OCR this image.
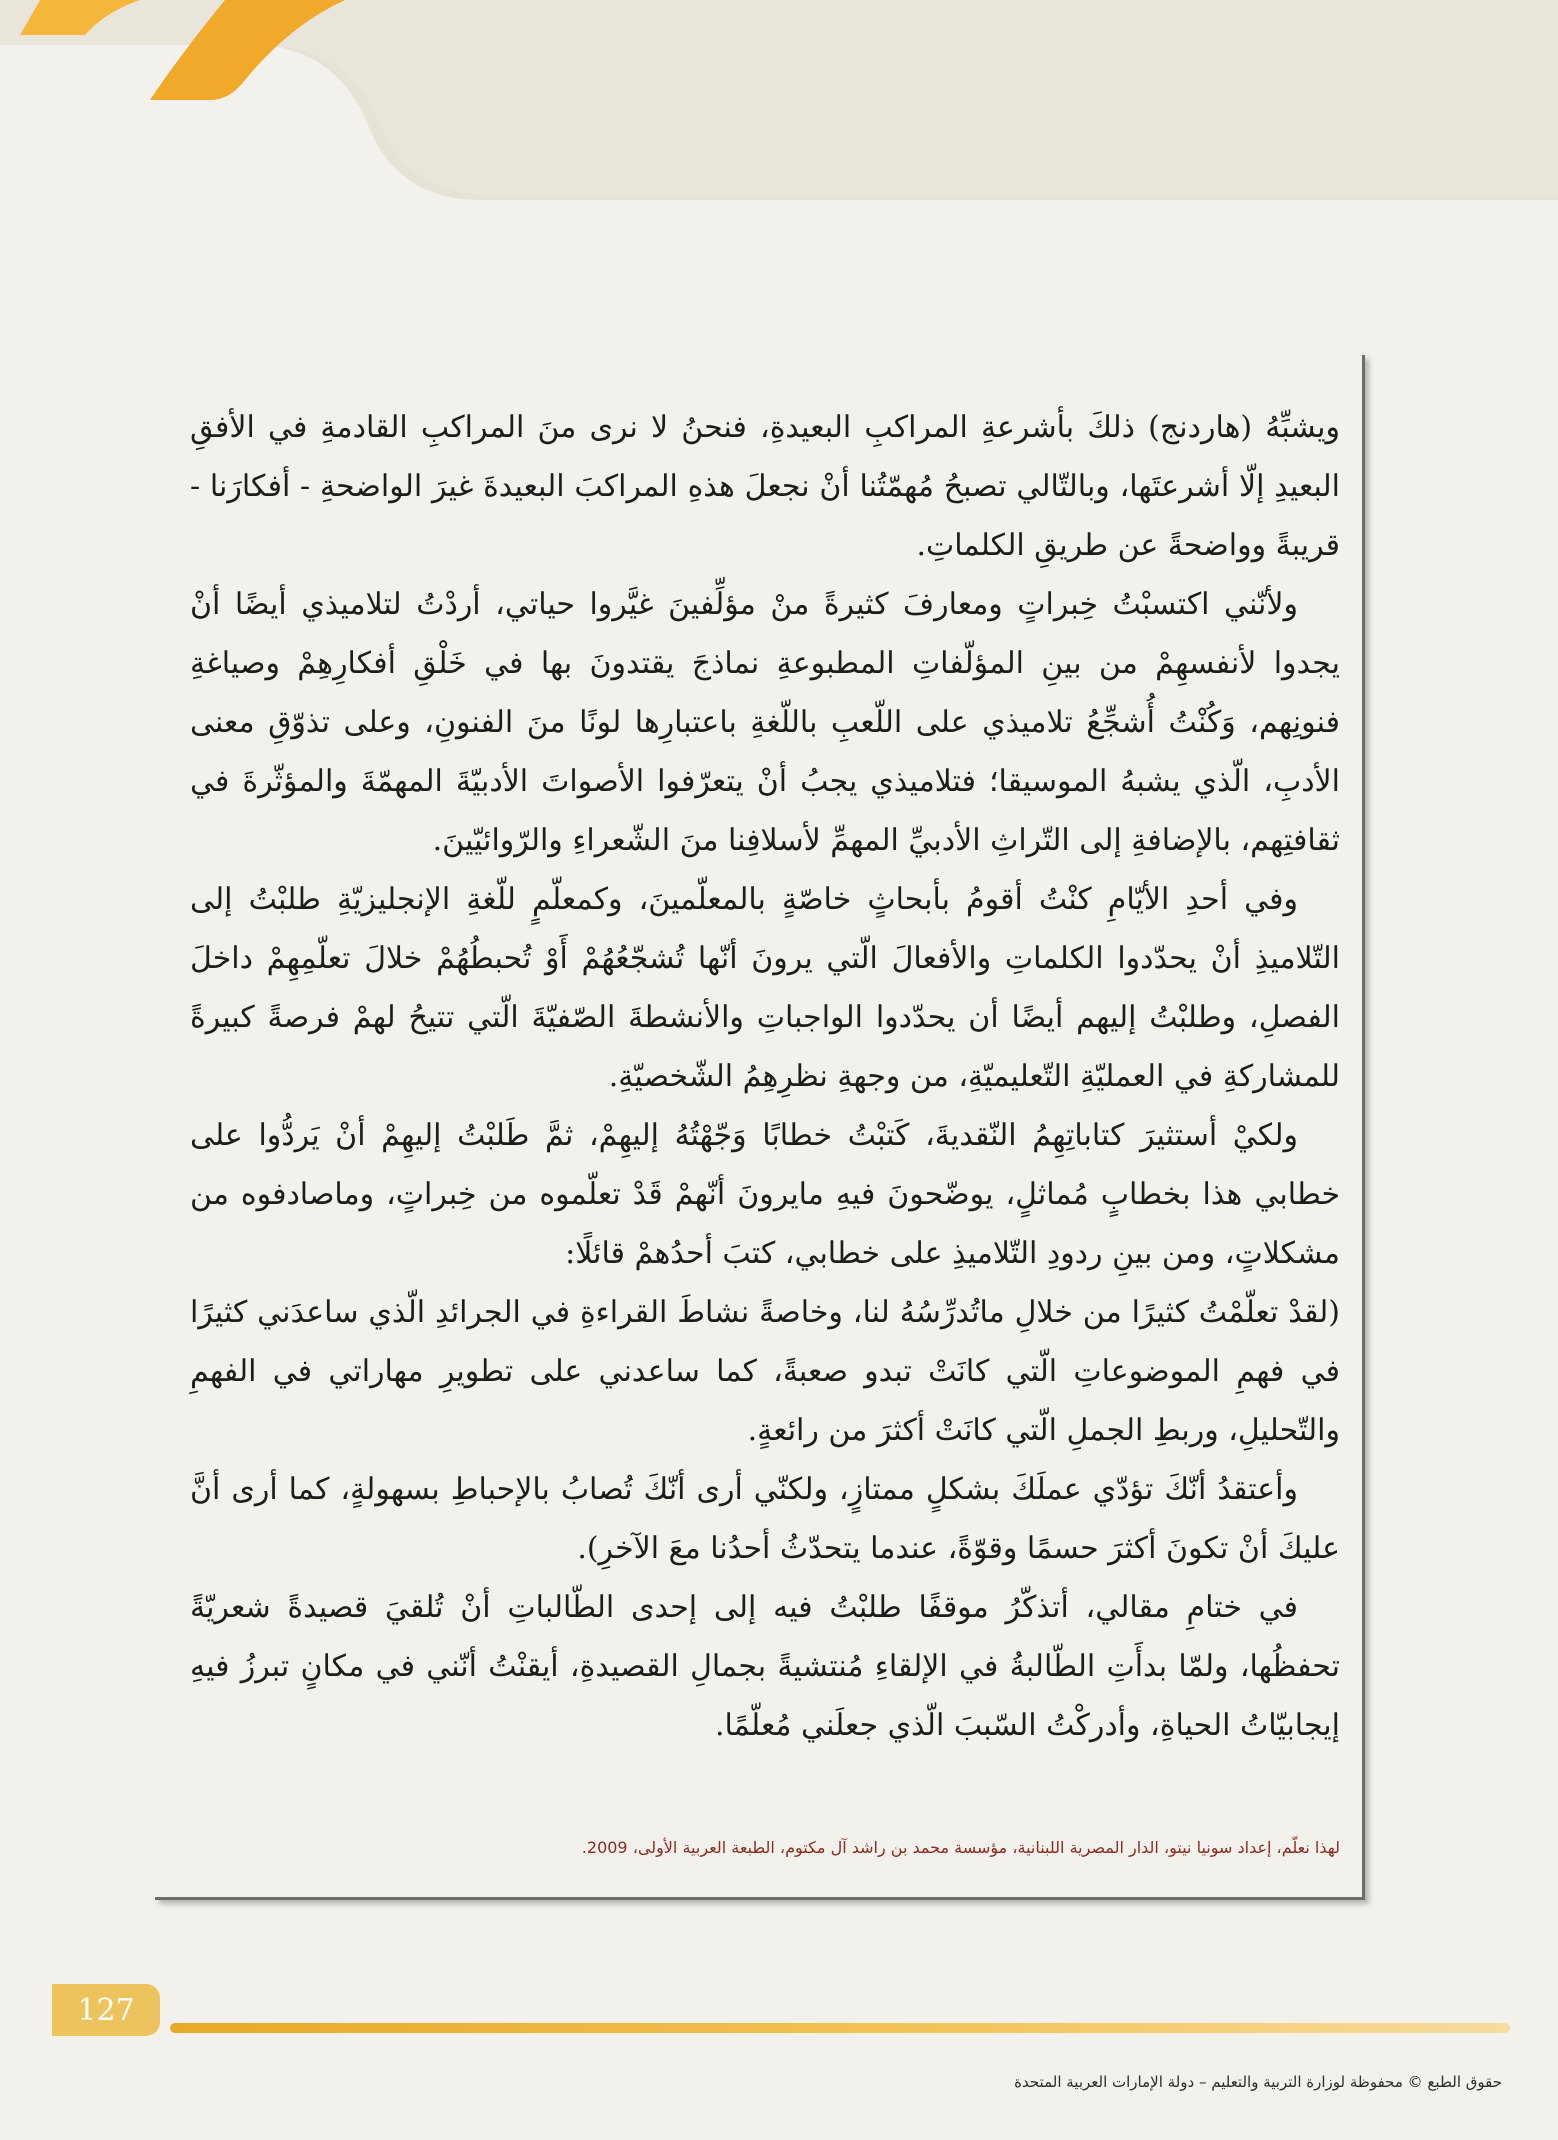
ويشبِّهُ (هاردنج) ذلكَ بأشرعةِ المراكبِ البعيدةِ، فنحنُ لا نرى منَ المراكبِ القادمةِ في الأفقِ البعيدِ إلّا أشرعتَها، وبالتّالي تصبحُ مُهمّتُنا أنْ نجعلَ هذهِ المراكبَ البعيدةَ غيرَ الواضحةِ - أفكارَنا - قريبةً وواضحةً عن طريقِ الكلماتِ.

ولأنّني اكتسبْتُ خِبراتٍ ومعارفَ كثيرةً منْ مؤلِّفينَ غيَّروا حياتي، أردْتُ لتلاميذي أيضًا أنْ يجدوا لأنفسهِمْ من بينِ المؤلّفاتِ المطبوعةِ نماذجَ يقتدونَ بها في خَلْقِ أفكارِهِمْ وصياغةِ فنونِهم، وَكُنْتُ أُشجِّعُ تلاميذي على اللّعبِ باللّغةِ باعتبارِها لونًا منَ الفنونِ، وعلى تذوّقِ معنى الأدبِ، الّذي يشبهُ الموسيقا؛ فتلاميذي يجبُ أنْ يتعرّفوا الأصواتَ الأدبيّةَ المهمّةَ والمؤثّرةَ في ثقافتِهم، بالإضافةِ إلى التّراثِ الأدبيِّ المهمِّ لأسلافِنا منَ الشّعراءِ والرّوائيّينَ.

وفي أحدِ الأيّامِ كنْتُ أقومُ بأبحاثٍ خاصّةٍ بالمعلّمينَ، وكمعلّمٍ للّغةِ الإنجليزيّةِ طلبْتُ إلى التّلاميذِ أنْ يحدّدوا الكلماتِ والأفعالَ الّتي يرونَ أنّها تُشجّعُهُمْ أَوْ تُحبطُهُمْ خلالَ تعلّمِهِمْ داخلَ الفصلِ، وطلبْتُ إليهم أيضًا أن يحدّدوا الواجباتِ والأنشطةَ الصّفيّةَ الّتي تتيحُ لهمْ فرصةً كبيرةً للمشاركةِ في العمليّةِ التّعليميّةِ، من وجهةِ نظرِهِمُ الشّخصيّةِ.

ولكيْ أستثيرَ كتاباتِهِمُ النّقديةَ، كَتبْتُ خطابًا وَجّهْتُهُ إليهِمْ، ثمَّ طَلبْتُ إليهِمْ أنْ يَردُّوا على خطابي هذا بخطابٍ مُماثلٍ، يوضّحونَ فيهِ مايرونَ أنّهمْ قَدْ تعلّموه من خِبراتٍ، وماصادفوه من مشكلاتٍ، ومن بينِ ردودِ التّلاميذِ على خطابي، كتبَ أحدُهمْ قائلًا:

(لقدْ تعلّمْتُ كثيرًا من خلالِ ماتُدرِّسُهُ لنا، وخاصةً نشاطَ القراءةِ في الجرائدِ الّذي ساعدَني كثيرًا في فهمِ الموضوعاتِ الّتي كانَتْ تبدو صعبةً، كما ساعدني على تطويرِ مهاراتي في الفهمِ والتّحليلِ، وربطِ الجملِ الّتي كانَتْ أكثرَ من رائعةٍ.

وأعتقدُ أنّكَ تؤدّي عملَكَ بشكلٍ ممتازٍ، ولكنّي أرى أنّكَ تُصابُ بالإحباطِ بسهولةٍ، كما أرى أنَّ عليكَ أنْ تكونَ أكثرَ حسمًا وقوّةً، عندما يتحدّثُ أحدُنا معَ الآخرِ).

في ختامِ مقالي، أتذكّرُ موقفًا طلبْتُ فيه إلى إحدى الطّالباتِ أنْ تُلقيَ قصيدةً شعريّةً تحفظُها، ولمّا بدأَتِ الطّالبةُ في الإلقاءِ مُنتشيةً بجمالِ القصيدةِ، أيقنْتُ أنّني في مكانٍ تبرزُ فيهِ إيجابيّاتُ الحياةِ، وأدركْتُ السّببَ الّذي جعلَني مُعلّمًا.

لهذا نعلّم، إعداد سونيا نيتو، الدار المصرية اللبنانية، مؤسسة محمد بن راشد آل مكتوم، الطبعة العربية الأولى، 2009.
127
حقوق الطبع © محفوظة لوزارة التربية والتعليم – دولة الإمارات العربية المتحدة
